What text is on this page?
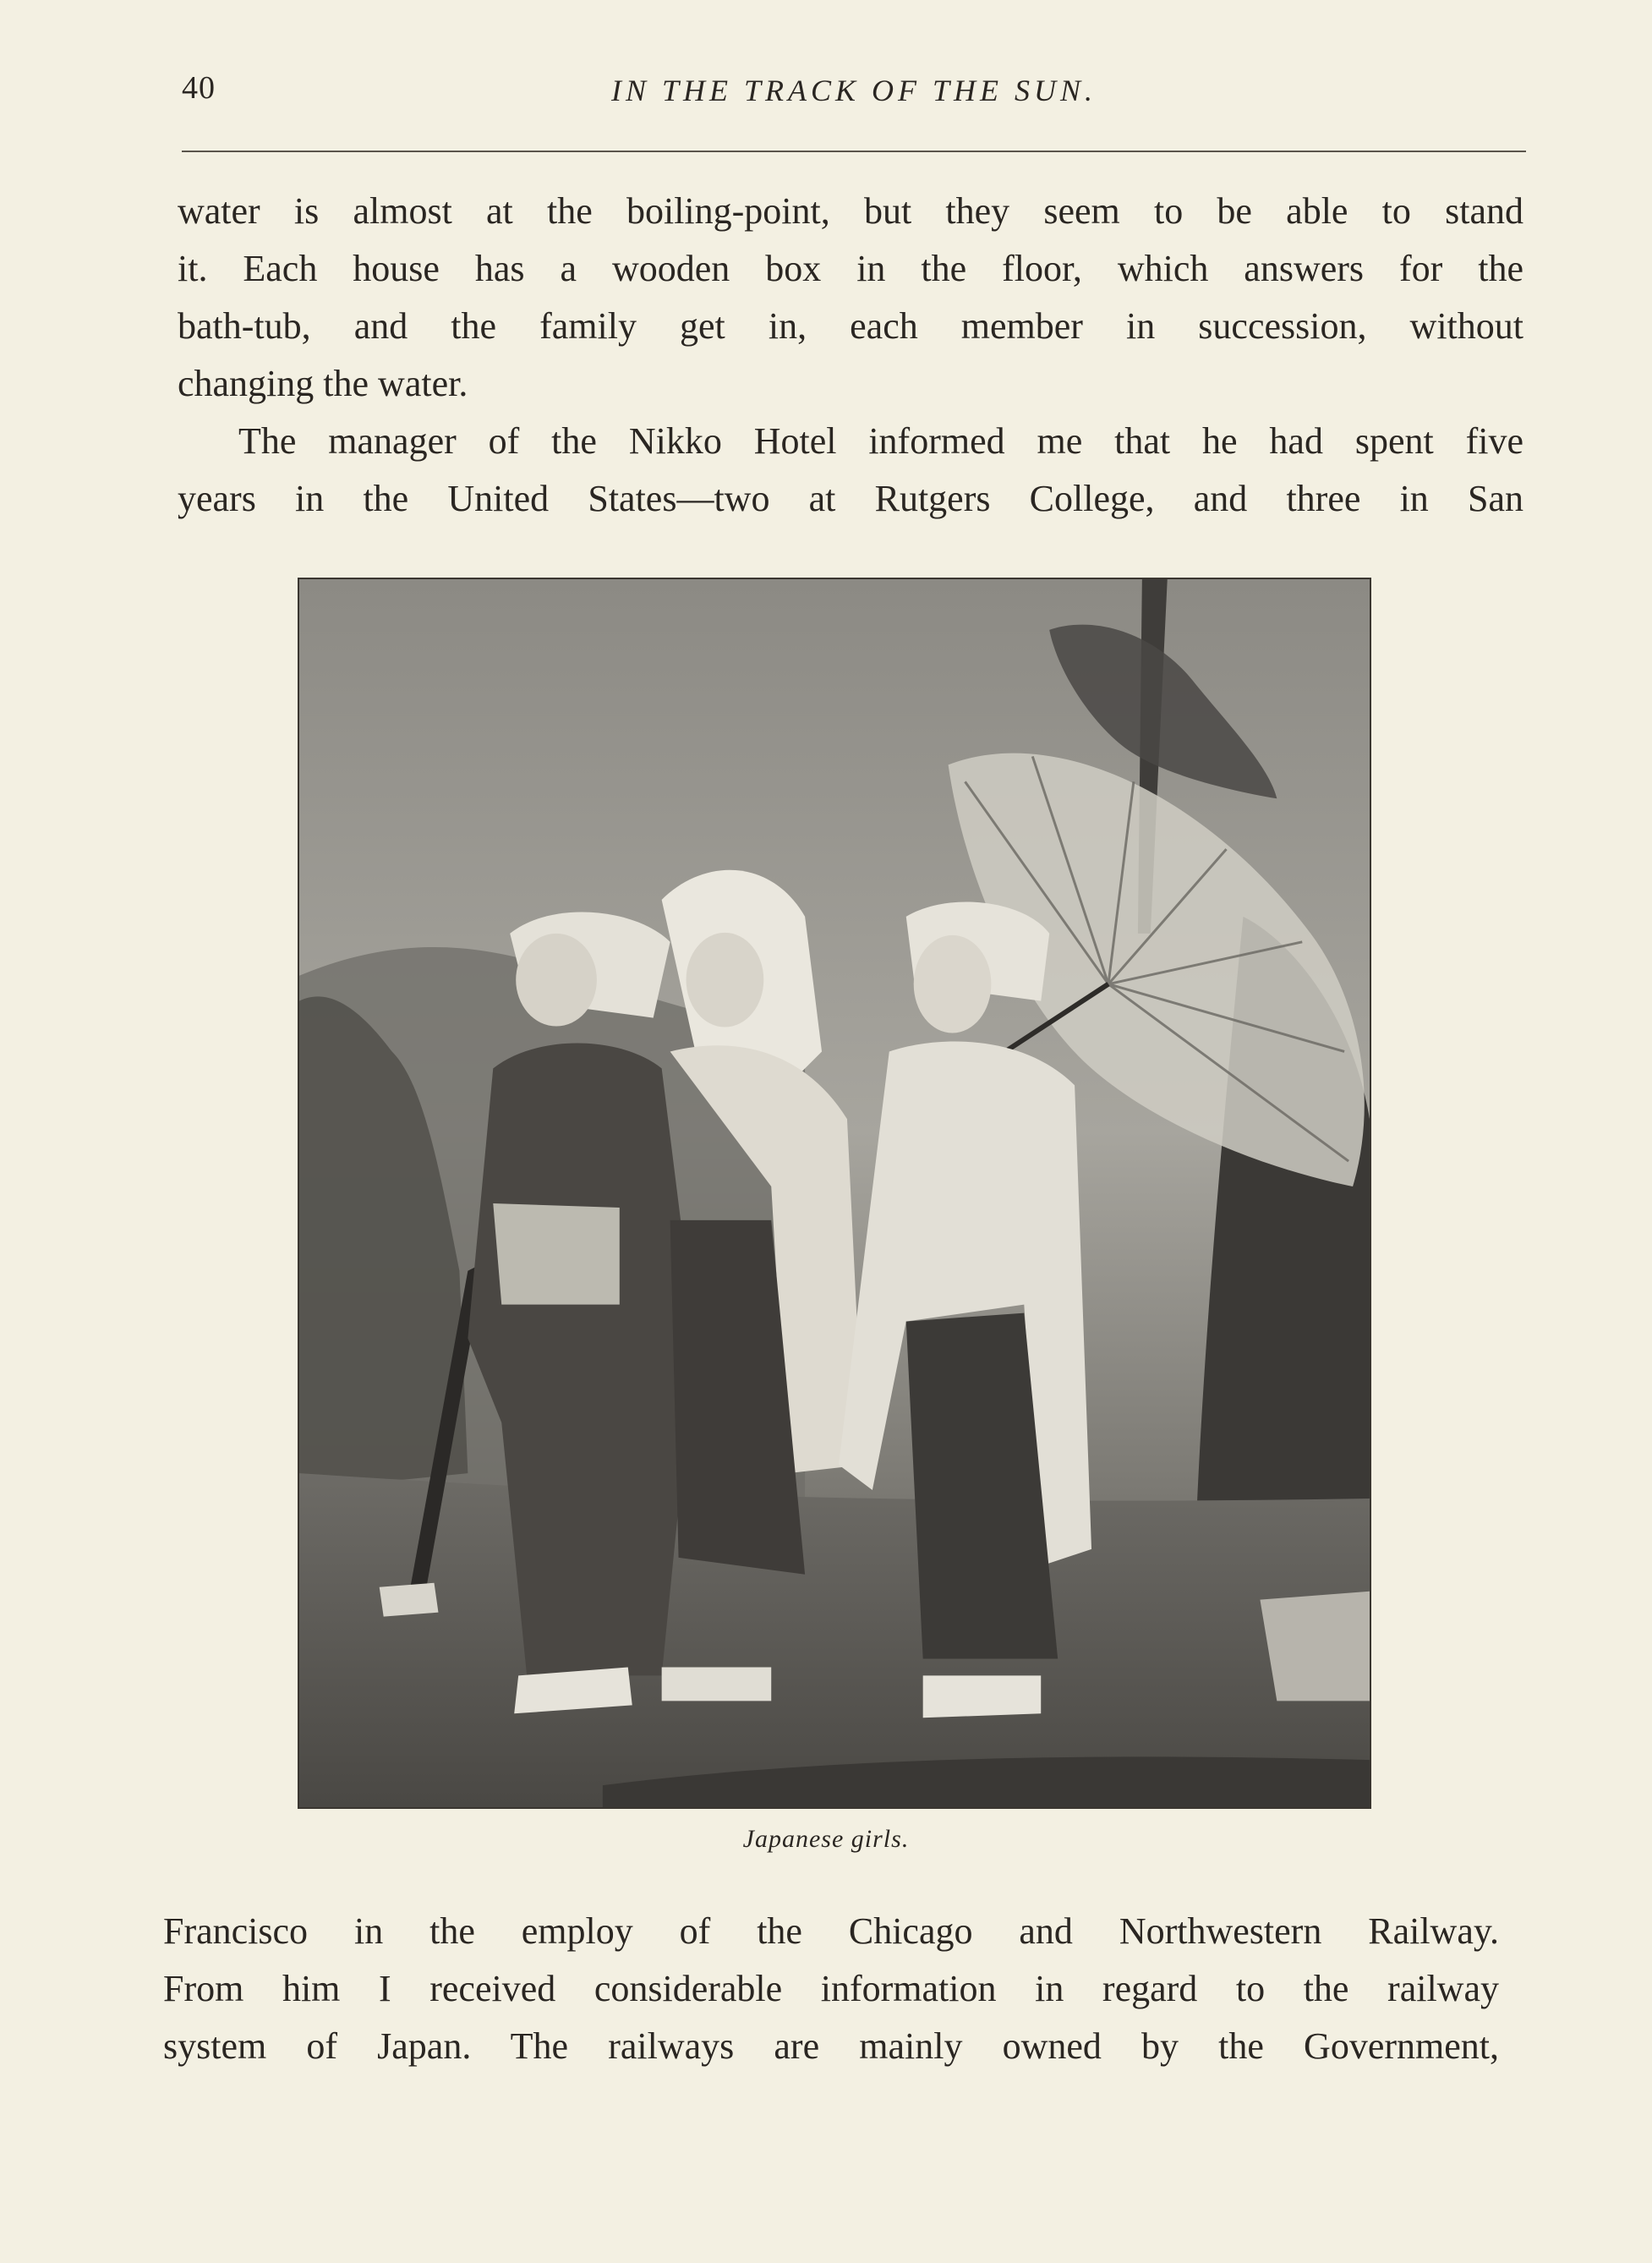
40	IN THE TRACK OF THE SUN.

water is almost at the boiling-point, but they seem to be able to stand

it. Each house has a wooden box in the floor, which answers for the

bath-tub, and the family get in, each member in succession, without

changing the water.

The manager of the Nikko Hotel informed me that he had spent five

years in the United States—two at Rutgers College, and three in San

Japanese girls.

Francisco in the employ of the Chicago and Northwestern Railway.

From him I received considerable information in regard to the railway

system of Japan. The railways are mainly owned by the Government,
